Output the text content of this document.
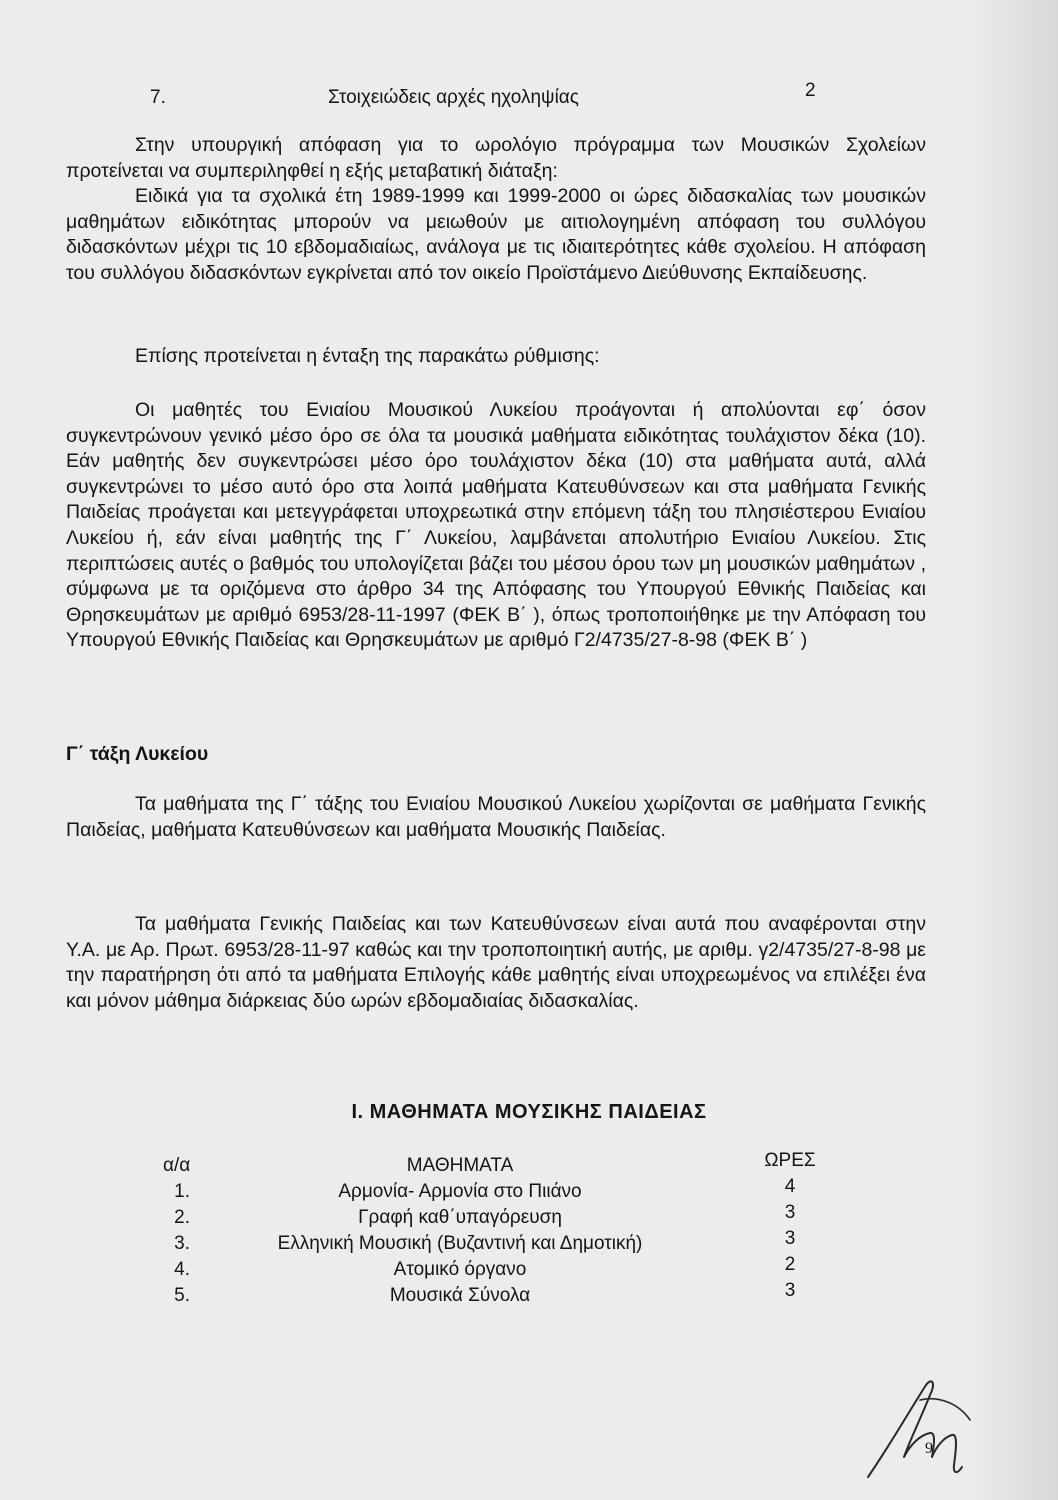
7.	Στοιχειώδεις αρχές ηχοληψίας	2

Στην υπουργική απόφαση για το ωρολόγιο πρόγραμμα των Μουσικών Σχολείων προτείνεται να συμπεριληφθεί η εξής μεταβατική διάταξη:

Ειδικά για τα σχολικά έτη 1989-1999 και 1999-2000 οι ώρες διδασκαλίας των μουσικών μαθημάτων ειδικότητας μπορούν να μειωθούν με αιτιολογημένη απόφαση του συλλόγου διδασκόντων μέχρι τις 10 εβδομαδιαίως, ανάλογα με τις ιδιαιτερότητες κάθε σχολείου. Η απόφαση του συλλόγου διδασκόντων εγκρίνεται από τον οικείο Προϊστάμενο Διεύθυνσης Εκπαίδευσης.

Επίσης προτείνεται η ένταξη της παρακάτω ρύθμισης:

Οι μαθητές του Ενιαίου Μουσικού Λυκείου προάγονται ή απολύονται εφ΄ όσον συγκεντρώνουν γενικό μέσο όρο σε όλα τα μουσικά μαθήματα ειδικότητας τουλάχιστον δέκα (10). Εάν μαθητής δεν συγκεντρώσει μέσο όρο τουλάχιστον δέκα (10) στα μαθήματα αυτά, αλλά συγκεντρώνει το μέσο αυτό όρο στα λοιπά μαθήματα Κατευθύνσεων και στα μαθήματα Γενικής Παιδείας προάγεται και μετεγγράφεται υποχρεωτικά στην επόμενη τάξη του πλησιέστερου Ενιαίου Λυκείου ή, εάν είναι μαθητής της Γ΄ Λυκείου, λαμβάνεται απολυτήριο Ενιαίου Λυκείου. Στις περιπτώσεις αυτές ο βαθμός του υπολογίζεται βάζει του μέσου όρου των μη μουσικών μαθημάτων , σύμφωνα με τα οριζόμενα στο άρθρο 34 της Απόφασης του Υπουργού Εθνικής Παιδείας και Θρησκευμάτων με αριθμό 6953/28-11-1997 (ΦΕΚ Β΄ ), όπως τροποποιήθηκε με την Απόφαση του Υπουργού Εθνικής Παιδείας και Θρησκευμάτων με αριθμό Γ2/4735/27-8-98 (ΦΕΚ Β΄ )

Γ΄ τάξη Λυκείου

Τα μαθήματα της Γ΄ τάξης του Ενιαίου Μουσικού Λυκείου χωρίζονται σε μαθήματα Γενικής Παιδείας, μαθήματα Κατευθύνσεων και μαθήματα Μουσικής Παιδείας.

Τα μαθήματα Γενικής Παιδείας και των Κατευθύνσεων είναι αυτά που αναφέρονται στην Υ.Α. με Αρ. Πρωτ. 6953/28-11-97 καθώς και την τροποποιητική αυτής, με αριθμ. γ2/4735/27-8-98 με την παρατήρηση ότι από τα μαθήματα Επιλογής κάθε μαθητής είναι υποχρεωμένος να επιλέξει ένα και μόνον μάθημα διάρκειας δύο ωρών εβδομαδιαίας διδασκαλίας.

Ι. ΜΑΘΗΜΑΤΑ ΜΟΥΣΙΚΗΣ ΠΑΙΔΕΙΑΣ
α/α	ΜΑΘΗΜΑΤΑ	ΩΡΕΣ
1.	Αρμονία- Αρμονία στο Πιιάνο	4
2.	Γραφή καθ΄υπαγόρευση	3
3.	Ελληνική Μουσική (Βυζαντινή και Δημοτική)	3
4.	Ατομικό όργανο	2
5.	Μουσικά Σύνολα	3
9
